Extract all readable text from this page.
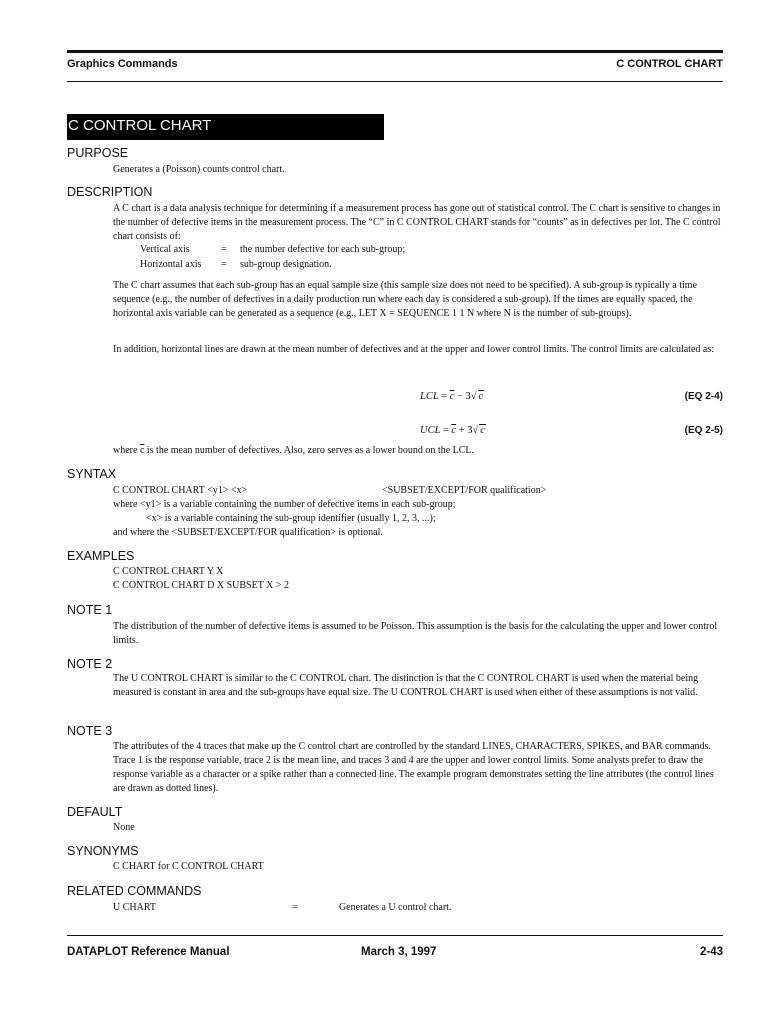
Graphics Commands	C CONTROL CHART
C CONTROL CHART
PURPOSE
Generates a (Poisson) counts control chart.
DESCRIPTION
A C chart is a data analysis technique for determining if a measurement process has gone out of statistical control. The C chart is sensitive to changes in the number of defective items in the measurement process. The “C” in C CONTROL CHART stands for “counts” as in defectives per lot. The C control chart consists of:
Vertical axis	= the number defective for each sub-group;
Horizontal axis = sub-group designation.
The C chart assumes that each sub-group has an equal sample size (this sample size does not need to be specified). A sub-group is typically a time sequence (e.g., the number of defectives in a daily production run where each day is considered a sub-group). If the times are equally spaced, the horizontal axis variable can be generated as a sequence (e.g., LET X = SEQUENCE 1 1 N where N is the number of sub-groups).
In addition, horizontal lines are drawn at the mean number of defectives and at the upper and lower control limits. The control limits are calculated as:
LCL = $\overline{c} - 3√$ c	(EQ 2-4)
UCL = $\overline{c} + 3√$ c	(EQ 2-5)
where $\overline{c}$ is the mean number of defectives. Also, zero serves as a lower bound on the LCL.
SYNTAX
C CONTROL CHART <y1> <x>	<SUBSET/EXCEPT/FOR qualification>
where <y1> is a variable containing the number of defective items in each sub-group;
<x> is a variable containing the sub-group identifier (usually 1, 2, 3, ...);
and where the <SUBSET/EXCEPT/FOR qualification> is optional.
EXAMPLES
C CONTROL CHART Y X
C CONTROL CHART D X SUBSET X > 2
NOTE 1
The distribution of the number of defective items is assumed to be Poisson. This assumption is the basis for the calculating the upper and lower control limits.
NOTE 2
The U CONTROL CHART is similar to the C CONTROL chart. The distinction is that the C CONTROL CHART is used when the material being measured is constant in area and the sub-groups have equal size. The U CONTROL CHART is used when either of these assumptions is not valid.
NOTE 3
The attributes of the 4 traces that make up the C control chart are controlled by the standard LINES, CHARACTERS, SPIKES, and BAR commands. Trace 1 is the response variable, trace 2 is the mean line, and traces 3 and 4 are the upper and lower control limits. Some analysts prefer to draw the response variable as a character or a spike rather than a connected line. The example program demonstrates setting the line attributes (the control lines are drawn as dotted lines).
DEFAULT
None
SYNONYMS
C CHART for C CONTROL CHART
RELATED COMMANDS
U CHART	=	Generates a U control chart.
DATAPLOT Reference Manual	March 3, 1997	2-43
